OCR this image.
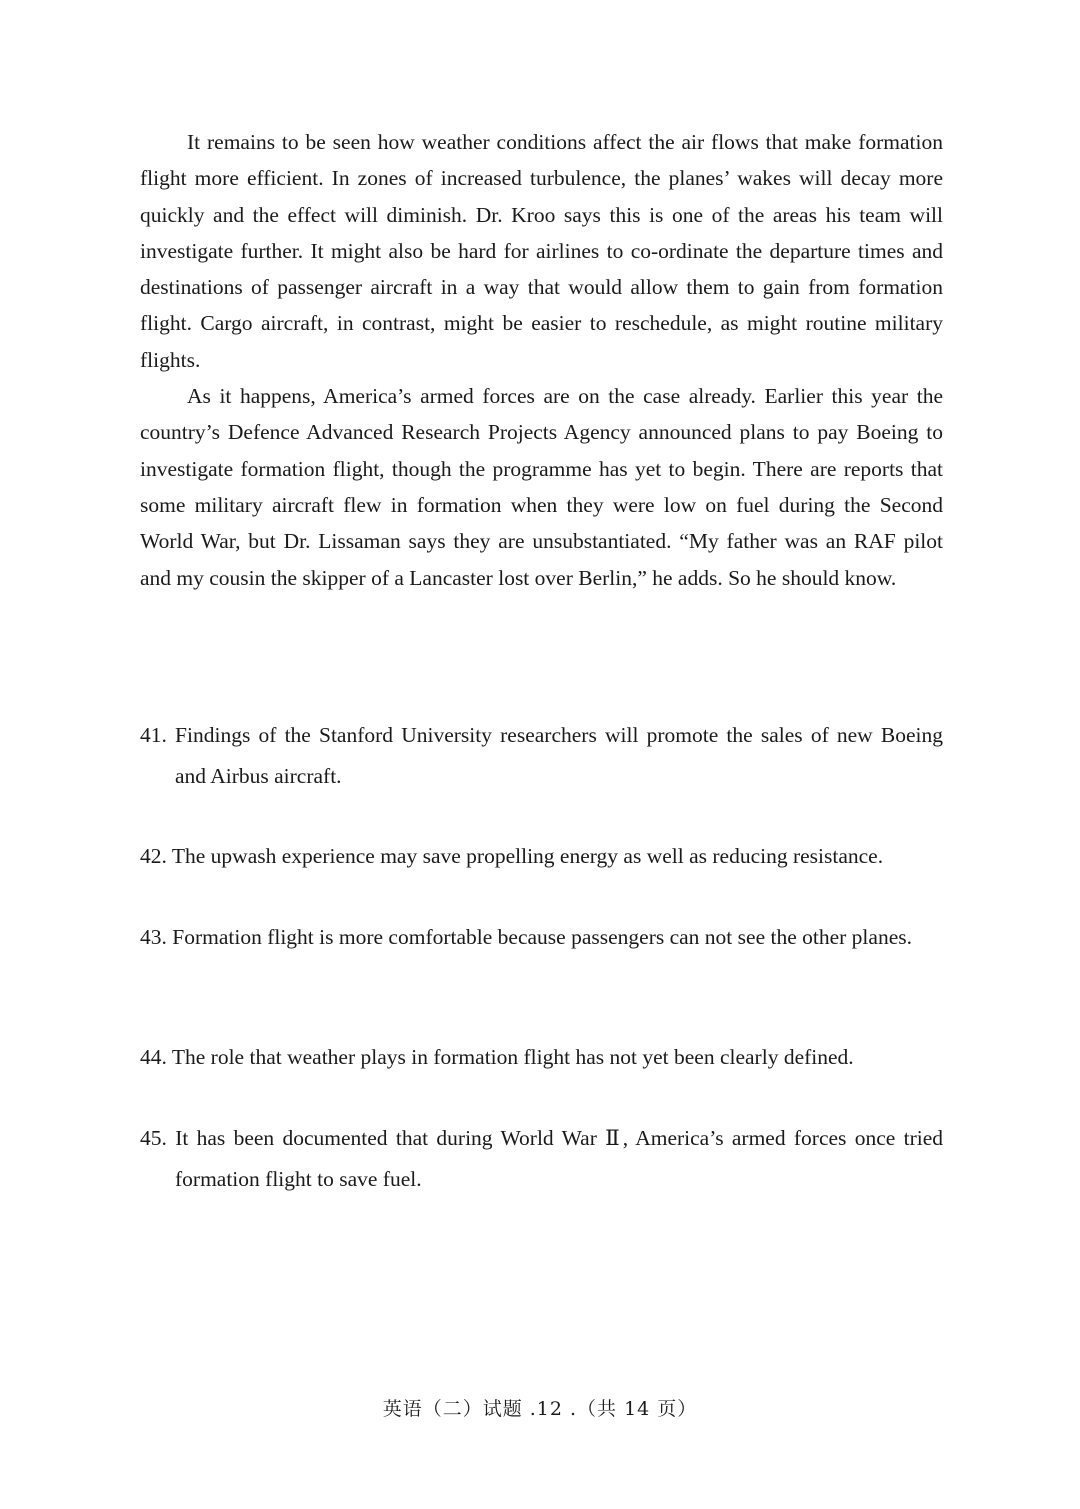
It remains to be seen how weather conditions affect the air flows that make formation flight more efficient. In zones of increased turbulence, the planes’ wakes will decay more quickly and the effect will diminish. Dr. Kroo says this is one of the areas his team will investigate further. It might also be hard for airlines to co-ordinate the departure times and destinations of passenger aircraft in a way that would allow them to gain from formation flight. Cargo aircraft, in contrast, might be easier to reschedule, as might routine military flights.

As it happens, America’s armed forces are on the case already. Earlier this year the country’s Defence Advanced Research Projects Agency announced plans to pay Boeing to investigate formation flight, though the programme has yet to begin. There are reports that some military aircraft flew in formation when they were low on fuel during the Second World War, but Dr. Lissaman says they are unsubstantiated. “My father was an RAF pilot and my cousin the skipper of a Lancaster lost over Berlin,” he adds. So he should know.

41. Findings of the Stanford University researchers will promote the sales of new Boeing and Airbus aircraft.
42. The upwash experience may save propelling energy as well as reducing resistance.
43. Formation flight is more comfortable because passengers can not see the other planes.
44. The role that weather plays in formation flight has not yet been clearly defined.
45. It has been documented that during World War Ⅱ, America’s armed forces once tried formation flight to save fuel.
英语（二）试题 .12 .（共 14 页）
